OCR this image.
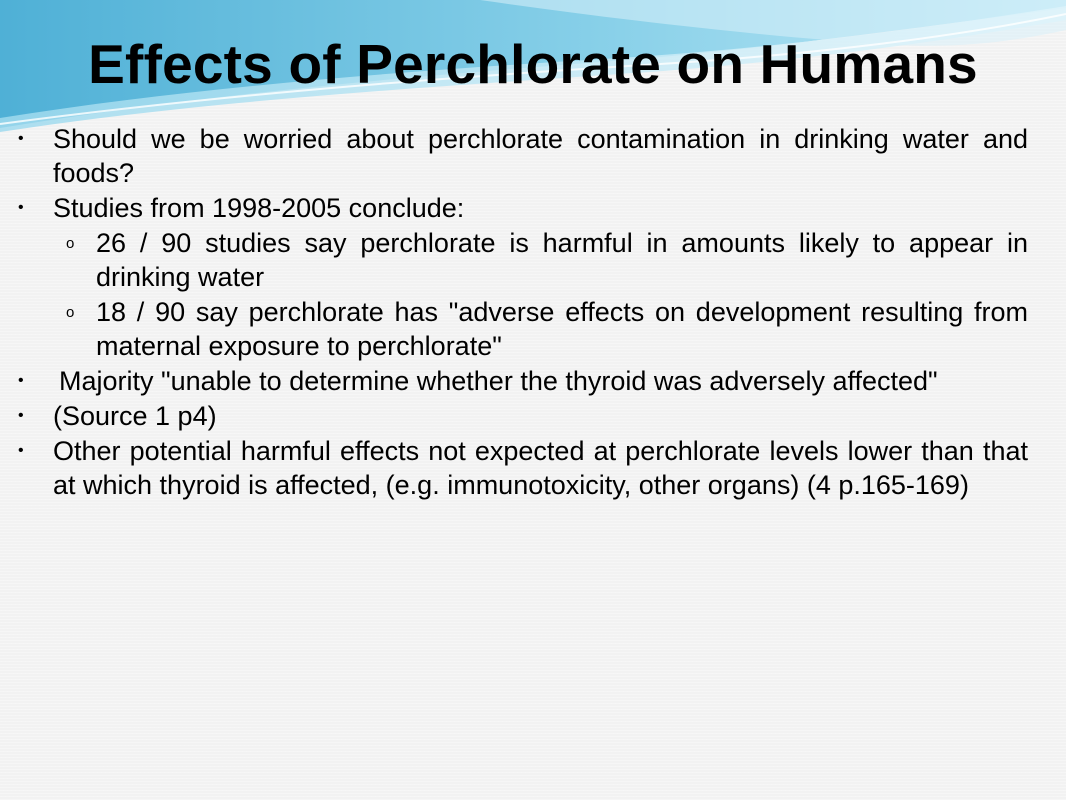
Effects of Perchlorate on Humans
•	Should we be worried about perchlorate contamination in drinking water and foods?
•	Studies from 1998-2005 conclude:
o 26 / 90 studies say perchlorate is harmful in amounts likely to appear in drinking water
o 18 / 90 say perchlorate has "adverse effects on development resulting from maternal exposure to perchlorate"
•	Majority "unable to determine whether the thyroid was adversely affected"
•	(Source 1 p4)
•	Other potential harmful effects not expected at perchlorate levels lower than that at which thyroid is affected, (e.g. immunotoxicity, other organs) (4 p.165-169)
